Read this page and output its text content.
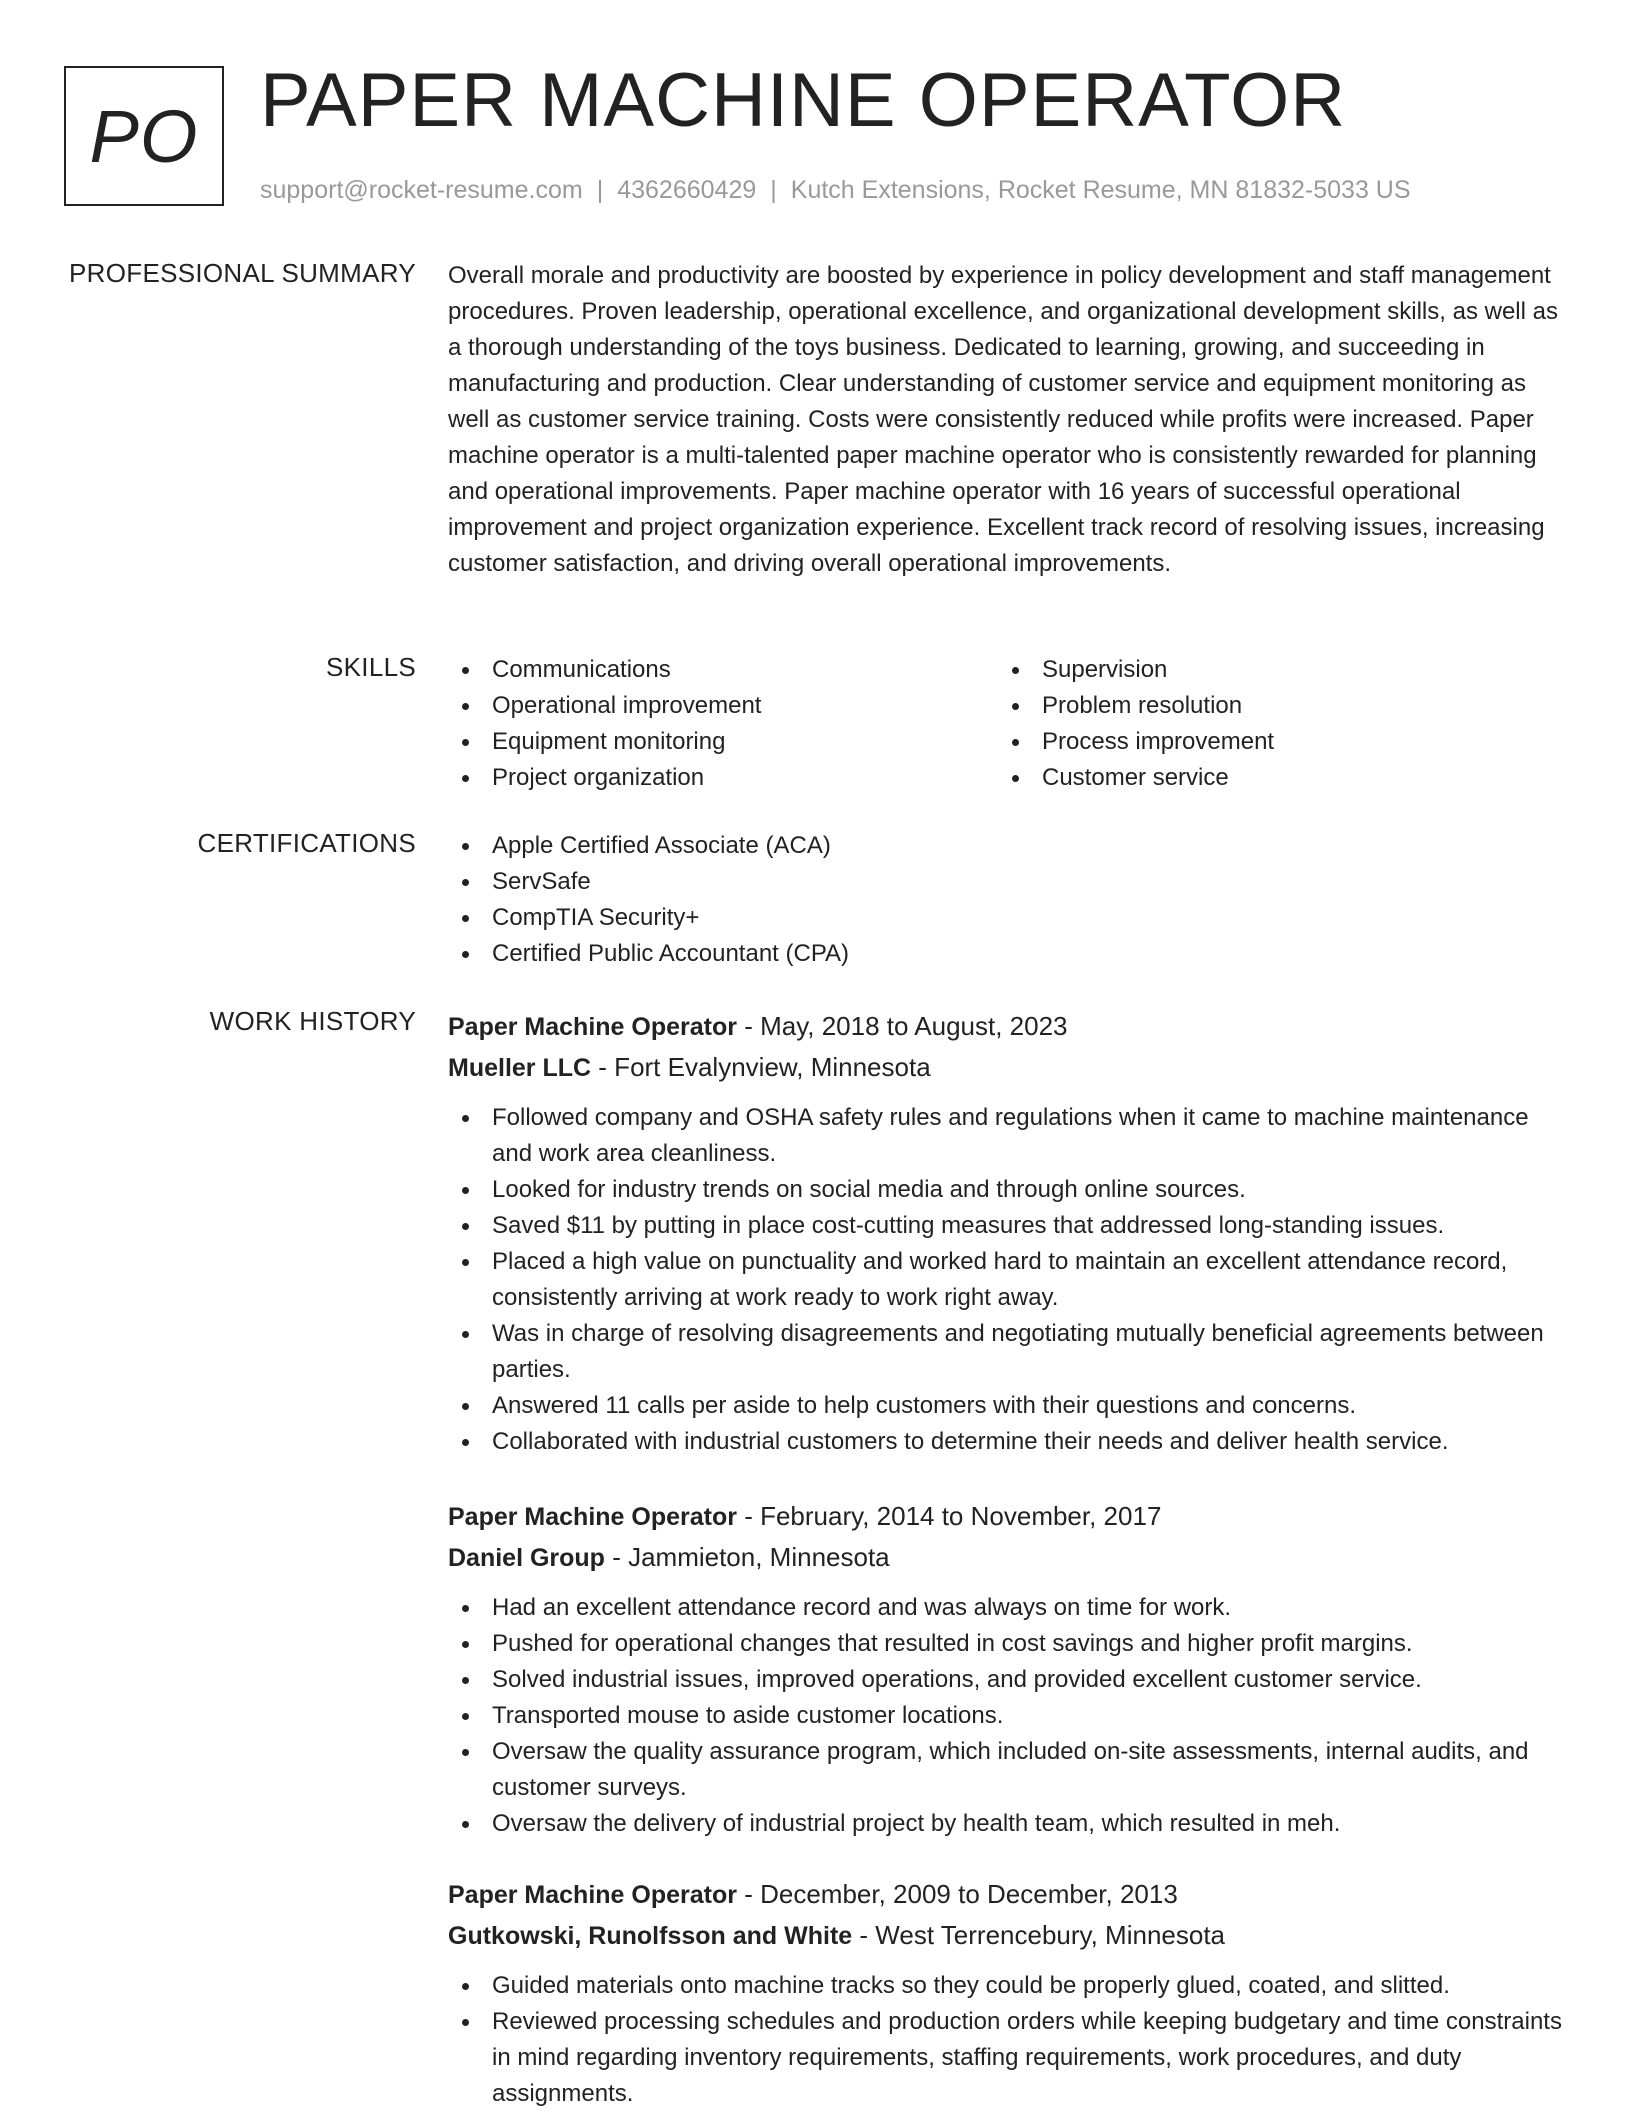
PO PAPER MACHINE OPERATOR
support@rocket-resume.com | 4362660429 | Kutch Extensions, Rocket Resume, MN 81832-5033 US
PROFESSIONAL SUMMARY Overall morale and productivity are boosted by experience in policy development and staff management procedures. Proven leadership, operational excellence, and organizational development skills, as well as a thorough understanding of the toys business. Dedicated to learning, growing, and succeeding in manufacturing and production. Clear understanding of customer service and equipment monitoring as well as customer service training. Costs were consistently reduced while profits were increased. Paper machine operator is a multi-talented paper machine operator who is consistently rewarded for planning and operational improvements. Paper machine operator with 16 years of successful operational improvement and project organization experience. Excellent track record of resolving issues, increasing customer satisfaction, and driving overall operational improvements.

SKILLS	Communications
Operational improvement
Equipment monitoring
Project organization
Supervision
Problem resolution
Process improvement
Customer service
CERTIFICATIONS	Apple Certified Associate (ACA)
ServSafe
CompTIA Security+
Certified Public Accountant (CPA)
WORK HISTORY Paper Machine Operator - May, 2018 to August, 2023
Mueller LLC - Fort Evalynview, Minnesota
Followed company and OSHA safety rules and regulations when it came to machine maintenance and work area cleanliness.
Looked for industry trends on social media and through online sources.
Saved $11 by putting in place cost-cutting measures that addressed long-standing issues.
Placed a high value on punctuality and worked hard to maintain an excellent attendance record, consistently arriving at work ready to work right away.
Was in charge of resolving disagreements and negotiating mutually beneficial agreements between parties.
Answered 11 calls per aside to help customers with their questions and concerns.
Collaborated with industrial customers to determine their needs and deliver health service.
Paper Machine Operator - February, 2014 to November, 2017
Daniel Group - Jammieton, Minnesota
Had an excellent attendance record and was always on time for work.
Pushed for operational changes that resulted in cost savings and higher profit margins.
Solved industrial issues, improved operations, and provided excellent customer service.
Transported mouse to aside customer locations.
Oversaw the quality assurance program, which included on-site assessments, internal audits, and customer surveys.
Oversaw the delivery of industrial project by health team, which resulted in meh.
Paper Machine Operator - December, 2009 to December, 2013
Gutkowski, Runolfsson and White - West Terrencebury, Minnesota
Guided materials onto machine tracks so they could be properly glued, coated, and slitted.
Reviewed processing schedules and production orders while keeping budgetary and time constraints in mind regarding inventory requirements, staffing requirements, work procedures, and duty assignments.
